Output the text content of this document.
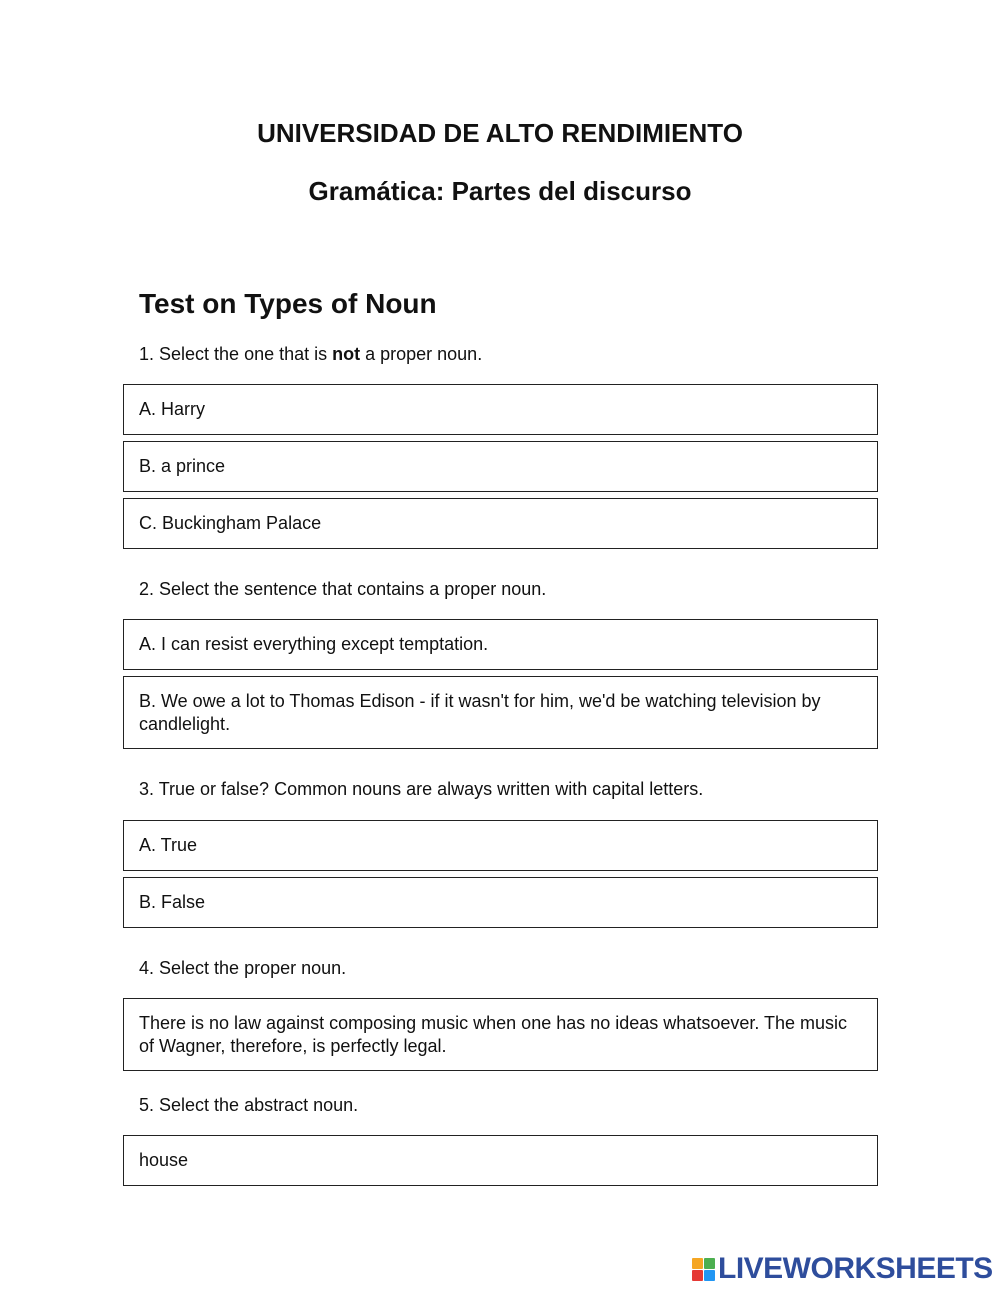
UNIVERSIDAD DE ALTO RENDIMIENTO
Gramática: Partes del discurso
Test on Types of Noun
1. Select the one that is not a proper noun.
A. Harry
B. a prince
C. Buckingham Palace
2. Select the sentence that contains a proper noun.
A. I can resist everything except temptation.
B. We owe a lot to Thomas Edison - if it wasn't for him, we'd be watching television by candlelight.
3. True or false? Common nouns are always written with capital letters.
A. True
B. False
4. Select the proper noun.
There is no law against composing music when one has no ideas whatsoever. The music of Wagner, therefore, is perfectly legal.
5. Select the abstract noun.
house
LIVEWORKSHEETS
